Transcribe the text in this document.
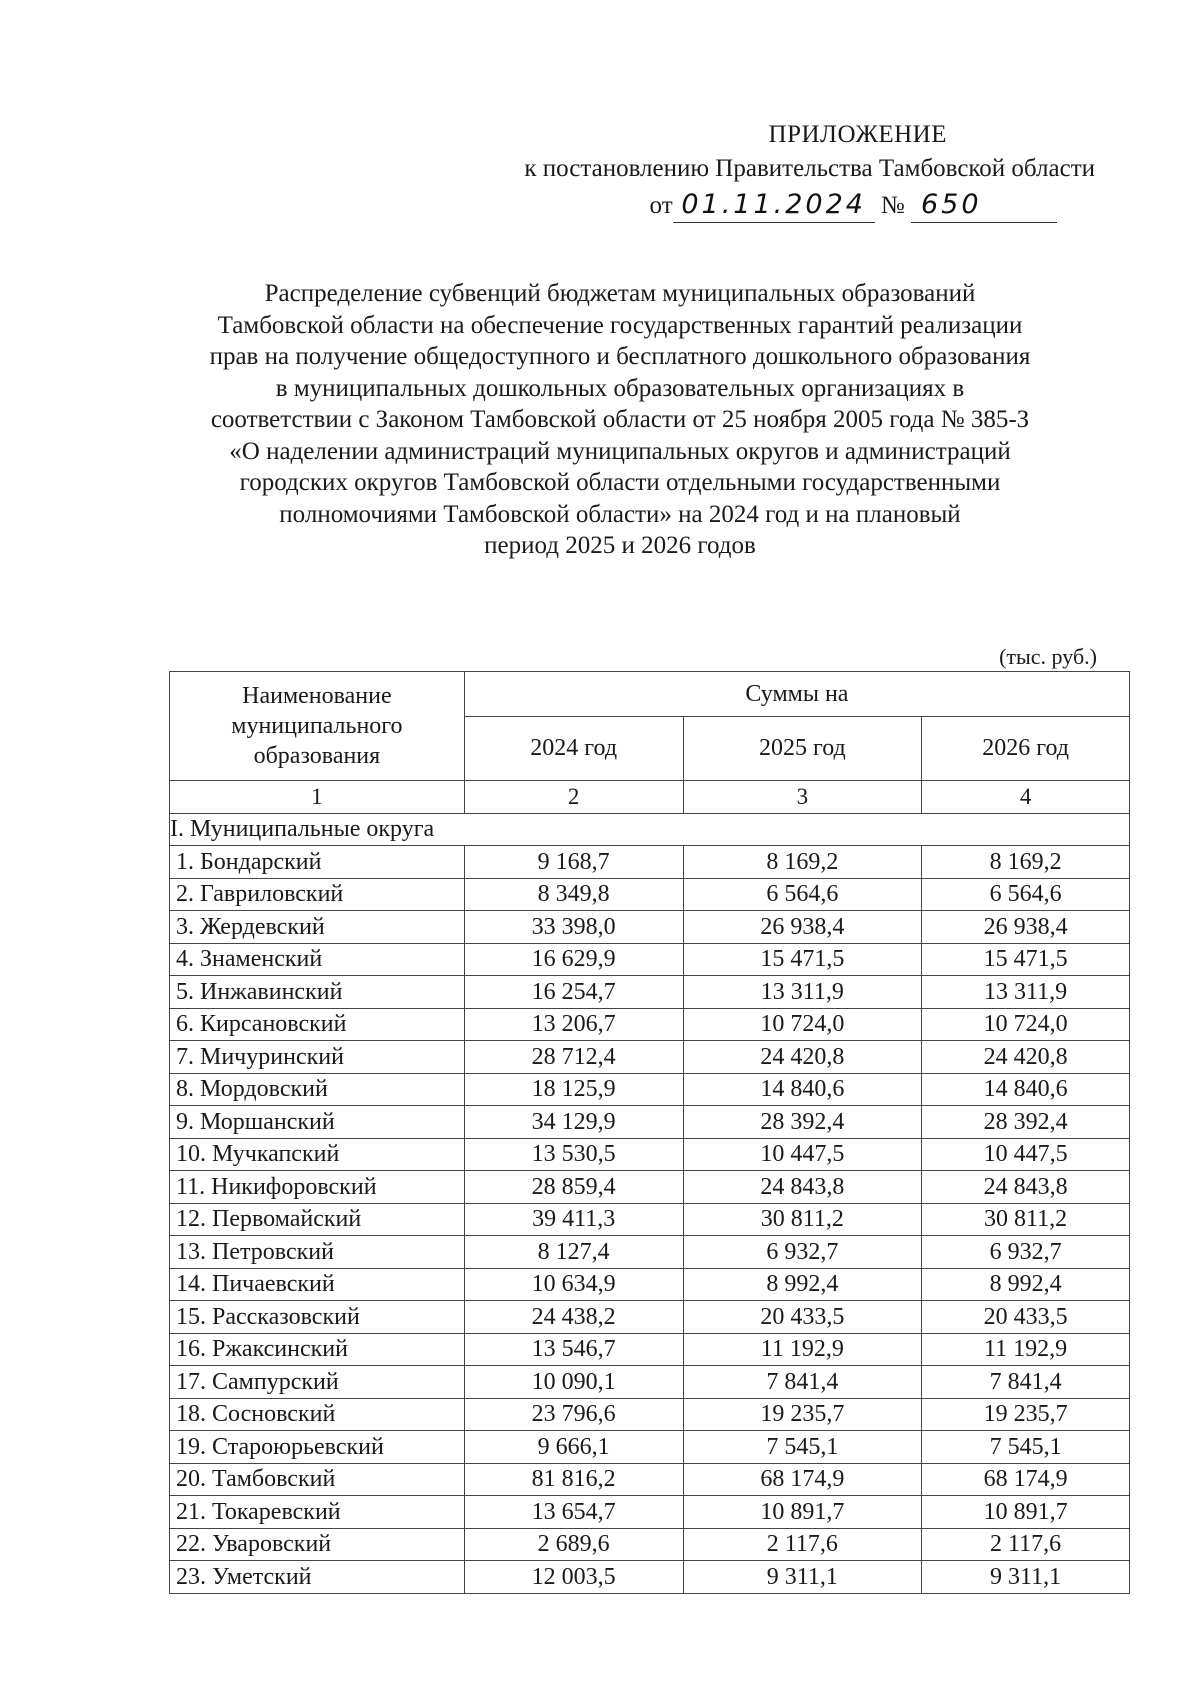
ПРИЛОЖЕНИЕ
к постановлению Правительства Тамбовской области
от 01.11.2024 № 650
Распределение субвенций бюджетам муниципальных образований
Тамбовской области на обеспечение государственных гарантий реализации
прав на получение общедоступного и бесплатного дошкольного образования
в муниципальных дошкольных образовательных организациях в
соответствии с Законом Тамбовской области от 25 ноября 2005 года № 385-З
«О наделении администраций муниципальных округов и администраций
городских округов Тамбовской области отдельными государственными
полномочиями Тамбовской области» на 2024 год и на плановый
период 2025 и 2026 годов
(тыс. руб.)
Наименование муниципального образования	Суммы на		
	2024 год	2025 год	2026 год
1	2	3	4
I. Муниципальные округа			
1. Бондарский	9 168,7	8 169,2	8 169,2
2. Гавриловский	8 349,8	6 564,6	6 564,6
3. Жердевский	33 398,0	26 938,4	26 938,4
4. Знаменский	16 629,9	15 471,5	15 471,5
5. Инжавинский	16 254,7	13 311,9	13 311,9
6. Кирсановский	13 206,7	10 724,0	10 724,0
7. Мичуринский	28 712,4	24 420,8	24 420,8
8. Мордовский	18 125,9	14 840,6	14 840,6
9. Моршанский	34 129,9	28 392,4	28 392,4
10. Мучкапский	13 530,5	10 447,5	10 447,5
11. Никифоровский	28 859,4	24 843,8	24 843,8
12. Первомайский	39 411,3	30 811,2	30 811,2
13. Петровский	8 127,4	6 932,7	6 932,7
14. Пичаевский	10 634,9	8 992,4	8 992,4
15. Рассказовский	24 438,2	20 433,5	20 433,5
16. Ржаксинский	13 546,7	11 192,9	11 192,9
17. Сампурский	10 090,1	7 841,4	7 841,4
18. Сосновский	23 796,6	19 235,7	19 235,7
19. Староюрьевский	9 666,1	7 545,1	7 545,1
20. Тамбовский	81 816,2	68 174,9	68 174,9
21. Токаревский	13 654,7	10 891,7	10 891,7
22. Уваровский	2 689,6	2 117,6	2 117,6
23. Уметский	12 003,5	9 311,1	9 311,1
